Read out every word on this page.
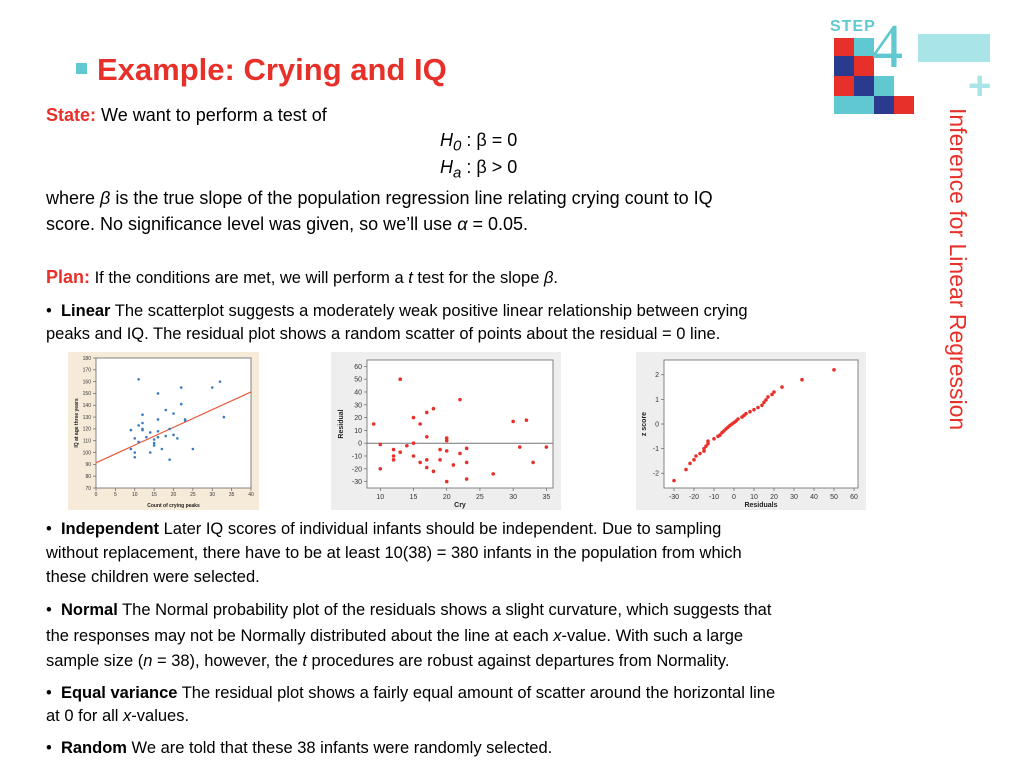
STEP
4
+
Inference for Linear Regression
Example: Crying and IQ
State: We want to perform a test of
$H_0$ : β = 0
$H_a$ : β > 0
where β is the true slope of the population regression line relating crying count to IQ
score. No significance level was given, so we’ll use α = 0.05.
Plan: If the conditions are met, we will perform a t test for the slope β.
• Linear The scatterplot suggests a moderately weak positive linear relationship between crying
peaks and IQ. The residual plot shows a random scatter of points about the residual = 0 line.
0	5	10	15	20	25	30	35	40
70
80
90
100
110
120
130
140
150
160
170
180
Count of crying peaks
IQ at age three years
10	15	20	25	30	35
-30
-20
-10
0
10
20
30
40
50
60
Cry
Residual
-30 -20 -10 0 10 20 30 40 50 60
-2
-1
0
1
2
Residuals
z score
• Independent Later IQ scores of individual infants should be independent. Due to sampling
without replacement, there have to be at least 10(38) = 380 infants in the population from which
these children were selected.
• Normal The Normal probability plot of the residuals shows a slight curvature, which suggests that
the responses may not be Normally distributed about the line at each x-value. With such a large
sample size (n = 38), however, the t procedures are robust against departures from Normality.
• Equal variance The residual plot shows a fairly equal amount of scatter around the horizontal line
at 0 for all x-values.
• Random We are told that these 38 infants were randomly selected.
